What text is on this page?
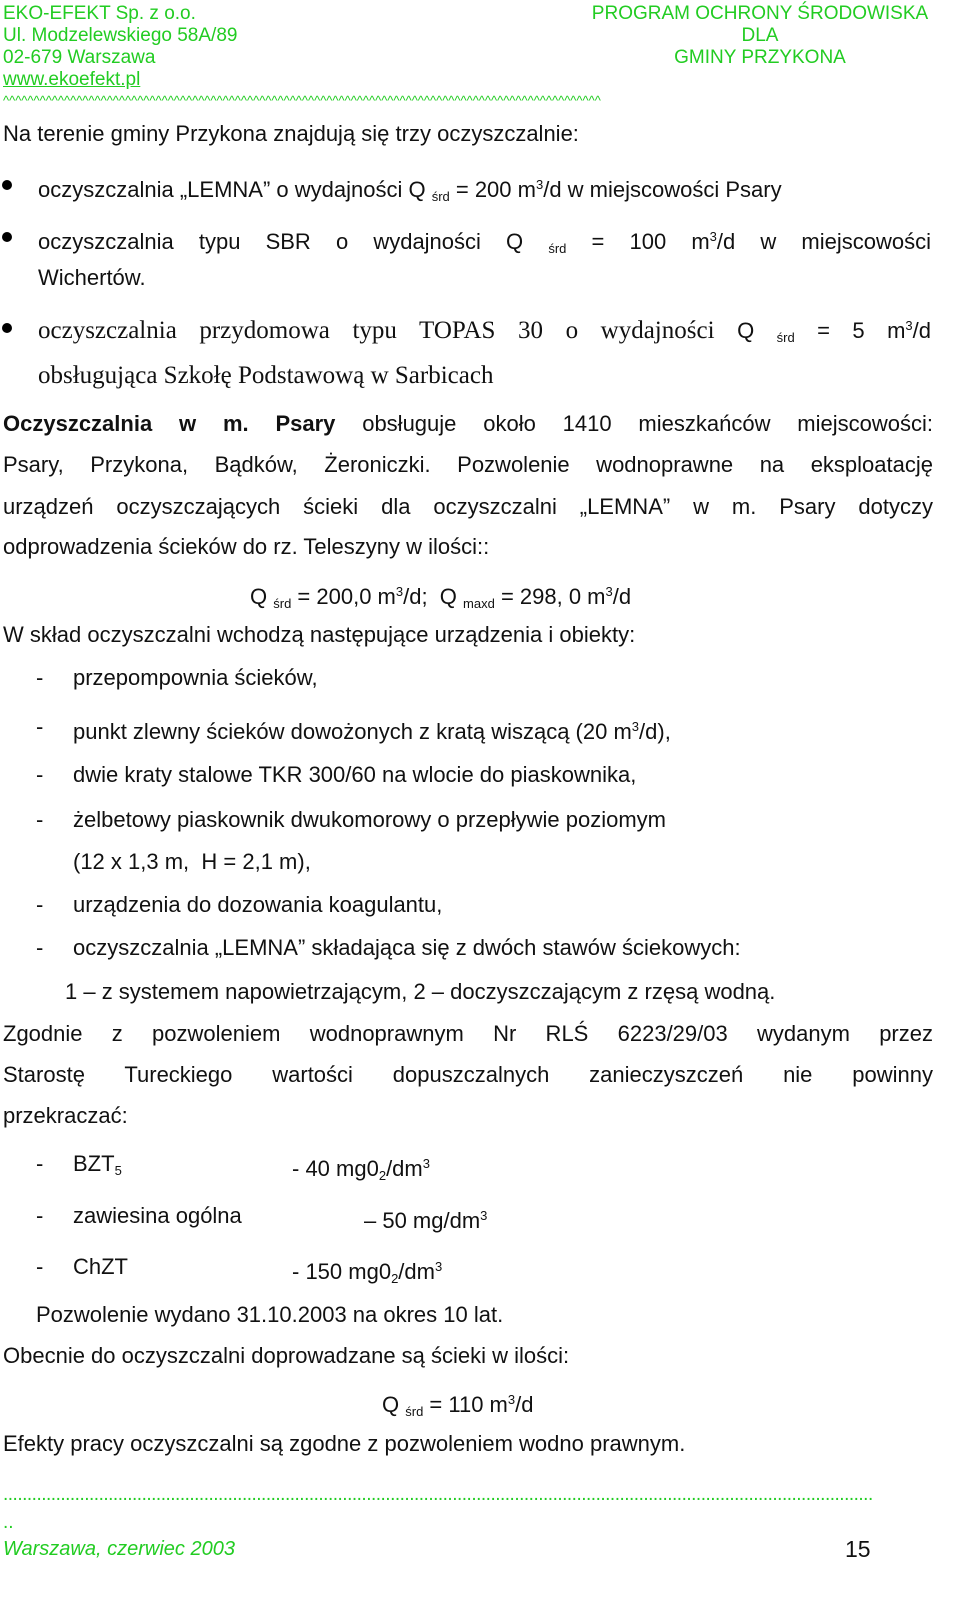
EKO-EFEKT Sp. z o.o.
Ul. Modzelewskiego 58A/89
02-679 Warszawa
www.ekoefekt.pl
PROGRAM OCHRONY ŚRODOWISKA
DLA
GMINY PRZYKONA
^^^^^^^^^^^^^^^^^^^^^^^^^^^^^^^^^^^^^^^^^^^^^^^^^^^^^^^^^^^^^^^^^^^^^^^^^^^^^^^^^^^^^^^^^^^^^^^^^^
Na terenie gminy Przykona znajdują się trzy oczyszczalnie:
oczyszczalnia „LEMNA” o wydajności Q $_{śrd}$ = 200 $m^3/d$ w miejscowości Psary
oczyszczalnia typu SBR o wydajności Q $_{śrd}$ = 100 $m^3/d$ w miejscowości
Wichertów.
oczyszczalnia przydomowa typu TOPAS 30 o wydajności Q $_{śrd}$ = 5 $m^3/d$
obsługująca Szkołę Podstawową w Sarbicach
Oczyszczalnia w m. Psary obsługuje około 1410 mieszkańców miejscowości:
Psary, Przykona, Bądków, Żeroniczki. Pozwolenie wodnoprawne na eksploatację
urządzeń oczyszczających ścieki dla oczyszczalni „LEMNA” w m. Psary dotyczy
odprowadzenia ścieków do rz. Teleszyny w ilości::
Q $_{śrd}$ = 200,0 $m^3/d$;  Q $_{maxd}$ = 298, 0 $m^3/d$
W skład oczyszczalni wchodzą następujące urządzenia i obiekty:
- przepompownia ścieków,
- punkt zlewny ścieków dowożonych z kratą wiszącą (20 $m^3/d$),
- dwie kraty stalowe TKR 300/60 na wlocie do piaskownika,
- żelbetowy piaskownik dwukomorowy o przepływie poziomym
(12 x 1,3 m,  H = 2,1 m),
- urządzenia do dozowania koagulantu,
- oczyszczalnia „LEMNA” składająca się z dwóch stawów ściekowych:
1 – z systemem napowietrzającym, 2 – doczyszczającym z rzęsą wodną.
Zgodnie z pozwoleniem wodnoprawnym Nr RLŚ 6223/29/03 wydanym przez
Starostę Tureckiego wartości dopuszczalnych zanieczyszczeń nie powinny
przekraczać:
- $BZT_5$	- 40 $mg0_2/dm^3$
- zawiesina ogólna	– 50 $mg/dm^3$
- ChZT	- 150 $mg0_2/dm^3$
Pozwolenie wydano 31.10.2003 na okres 10 lat.
Obecnie do oczyszczalni doprowadzane są ścieki w ilości:
Q $_{śrd}$ = 110 $m^3/d$
Efekty pracy oczyszczalni są zgodne z pozwoleniem wodno prawnym.
......................................................................................................................................................................................
..
Warszawa, czerwiec 2003	15
